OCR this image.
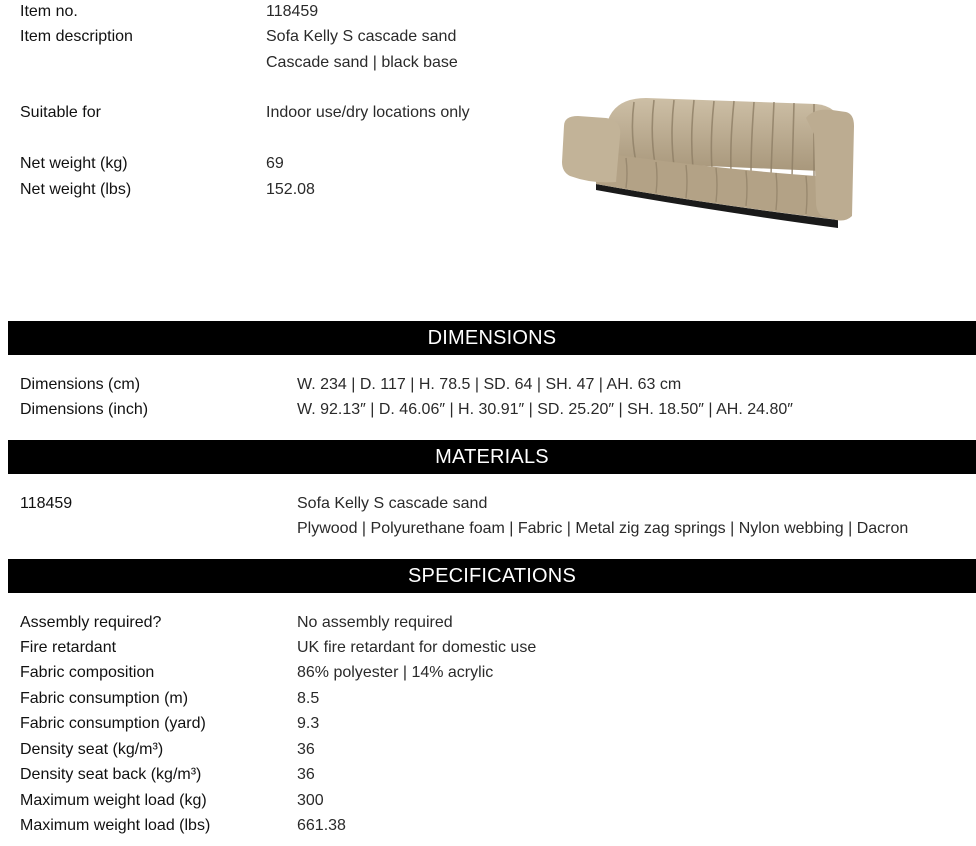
Item no.	118459
Item description	Sofa Kelly S cascade sand
Cascade sand | black base
Suitable for	Indoor use/dry locations only
Net weight (kg)	69
Net weight (lbs)	152.08
DIMENSIONS
Dimensions (cm)	W. 234 | D. 117 | H. 78.5 | SD. 64 | SH. 47 | AH. 63 cm
Dimensions (inch)	W. 92.13″ | D. 46.06″ | H. 30.91″ | SD. 25.20″ | SH. 18.50″ | AH. 24.80″
MATERIALS
118459	Sofa Kelly S cascade sand
Plywood | Polyurethane foam | Fabric | Metal zig zag springs | Nylon webbing | Dacron
SPECIFICATIONS
Assembly required?	No assembly required
Fire retardant	UK fire retardant for domestic use
Fabric composition	86% polyester | 14% acrylic
Fabric consumption (m)	8.5
Fabric consumption (yard)	9.3
Density seat (kg/m³)	36
Density seat back (kg/m³)	36
Maximum weight load (kg)	300
Maximum weight load (lbs)	661.38
